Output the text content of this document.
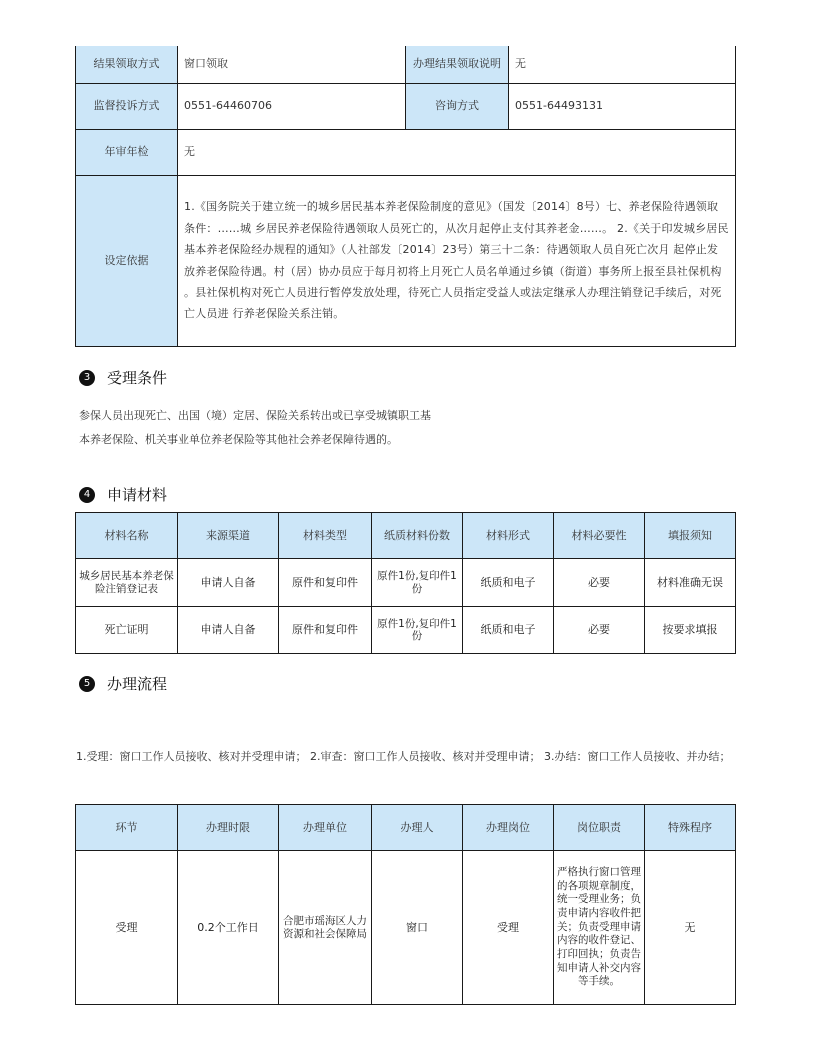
结果领取方式	窗口领取	办理结果领取说明	无
监督投诉方式	0551-64460706	咨询方式	0551-64493131
年审年检	无		
设定依据	1.《国务院关于建立统一的城乡居民基本养老保险制度的意见》（国发〔2014〕8号）七、养老保险待遇领取条件：……城 乡居民养老保险待遇领取人员死亡的，从次月起停止支付其养老金……。 2.《关于印发城乡居民基本养老保险经办规程的通知》（人社部发〔2014〕23号）第三十二条：待遇领取人员自死亡次月 起停止发放养老保险待遇。村（居）协办员应于每月初将上月死亡人员名单通过乡镇（街道）事务所上报至县社保机构 。县社保机构对死亡人员进行暂停发放处理，待死亡人员指定受益人或法定继承人办理注销登记手续后，对死亡人员进 行养老保险关系注销。		
3	受理条件
参保人员出现死亡、出国（境）定居、保险关系转出或已享受城镇职工基
本养老保险、机关事业单位养老保险等其他社会养老保障待遇的。
4	申请材料
材料名称	来源渠道	材料类型	纸质材料份数	材料形式	材料必要性	填报须知
城乡居民基本养老保险注销登记表	申请人自备	原件和复印件	原件1份,复印件1份	纸质和电子	必要	材料准确无误
死亡证明	申请人自备	原件和复印件	原件1份,复印件1份	纸质和电子	必要	按要求填报
5	办理流程
1.受理：窗口工作人员接收、核对并受理申请； 2.审查：窗口工作人员接收、核对并受理申请； 3.办结：窗口工作人员接收、并办结；
环节	办理时限	办理单位	办理人	办理岗位	岗位职责	特殊程序
受理	0.2个工作日	合肥市瑶海区人力资源和社会保障局	窗口	受理	严格执行窗口管理的各项规章制度，统一受理业务；负责申请内容收件把关；负责受理申请内容的收件登记、打印回执；负责告知申请人补交内容等手续。	无
